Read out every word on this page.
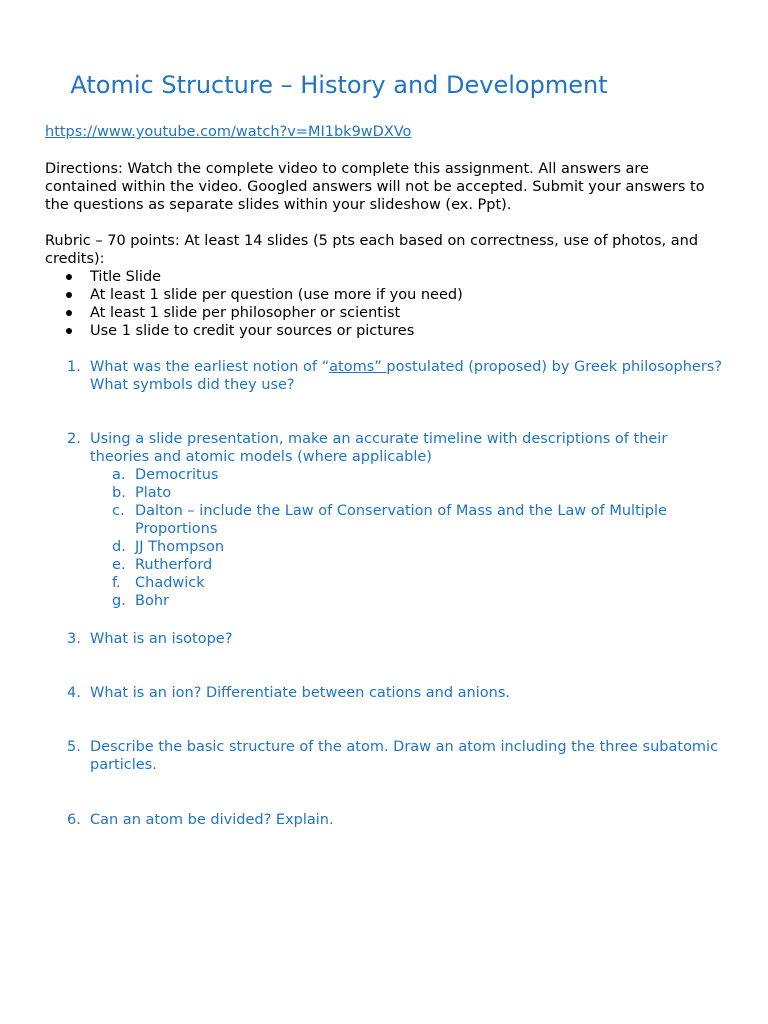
Atomic Structure – History and Development
https://www.youtube.com/watch?v=MI1bk9wDXVo
Directions: Watch the complete video to complete this assignment. All answers are contained within the video. Googled answers will not be accepted. Submit your answers to the questions as separate slides within your slideshow (ex. Ppt).
Rubric – 70 points: At least 14 slides (5 pts each based on correctness, use of photos, and credits):
Title Slide
At least 1 slide per question (use more if you need)
At least 1 slide per philosopher or scientist
Use 1 slide to credit your sources or pictures
1. What was the earliest notion of “atoms” postulated (proposed) by Greek philosophers? What symbols did they use?
2. Using a slide presentation, make an accurate timeline with descriptions of their theories and atomic models (where applicable)
a. Democritus
b. Plato
c. Dalton – include the Law of Conservation of Mass and the Law of Multiple Proportions
d. JJ Thompson
e. Rutherford
f. Chadwick
g. Bohr
3. What is an isotope?
4. What is an ion? Differentiate between cations and anions.
5. Describe the basic structure of the atom. Draw an atom including the three subatomic particles.
6. Can an atom be divided? Explain.
